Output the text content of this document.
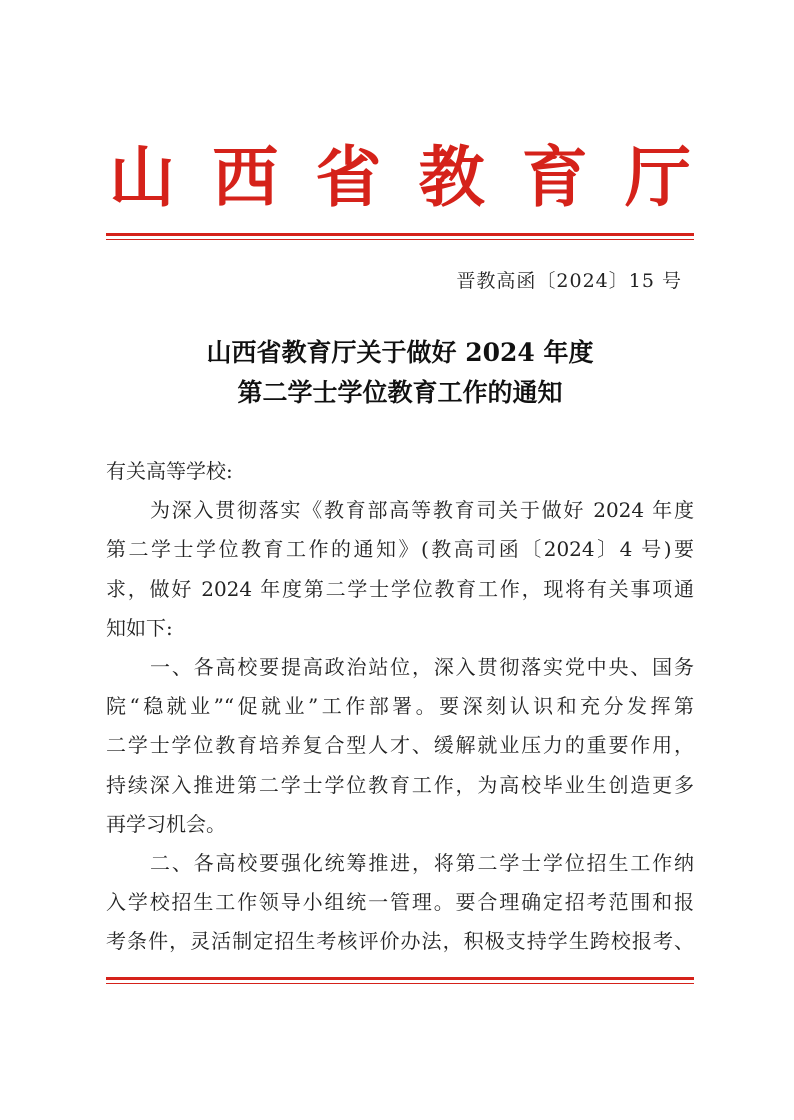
山 西 省 教 育 厅
晋教高函〔2024〕15 号
山西省教育厅关于做好 2024 年度
第二学士学位教育工作的通知
有关高等学校:
为深入贯彻落实《教育部高等教育司关于做好 2024 年度
第二学士学位教育工作的通知》(教高司函〔2024〕4 号)要
求，做好 2024 年度第二学士学位教育工作，现将有关事项通
知如下:
一、各高校要提高政治站位，深入贯彻落实党中央、国务
院“稳就业”“促就业”工作部署。要深刻认识和充分发挥第
二学士学位教育培养复合型人才、缓解就业压力的重要作用，
持续深入推进第二学士学位教育工作，为高校毕业生创造更多
再学习机会。
二、各高校要强化统筹推进，将第二学士学位招生工作纳
入学校招生工作领导小组统一管理。要合理确定招考范围和报
考条件，灵活制定招生考核评价办法，积极支持学生跨校报考、
